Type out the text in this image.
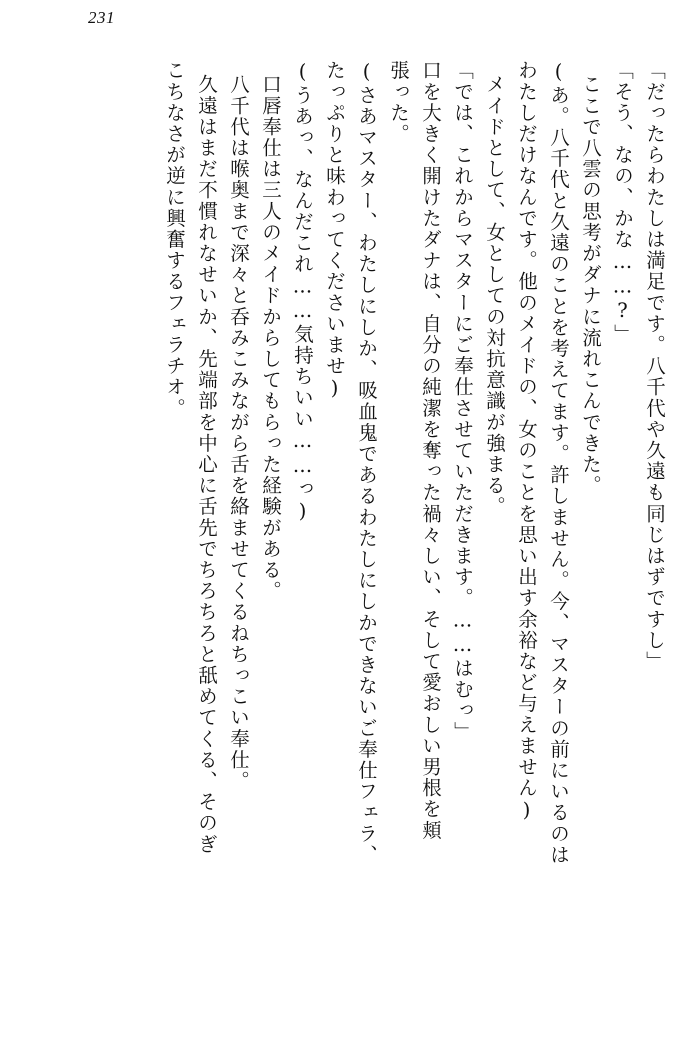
231
「だったらわたしは満足です。八千代や久遠も同じはずですし」
「そう、なの、かな……?」
ここで八雲の思考がダナに流れこんできた。
(あ。八千代と久遠のことを考えてます。許しません。今、マスターの前にいるのは
わたしだけなんです。他のメイドの、女のことを思い出す余裕など与えません)
メイドとして、女としての対抗意識が強まる。
「では、これからマスターにご奉仕させていただきます。……はむっ」
口を大きく開けたダナは、自分の純潔を奪った禍々しい、そして愛おしい男根を頬
張った。
(さあマスター、わたしにしか、吸血鬼であるわたしにしかできないご奉仕フェラ、
たっぷりと味わってくださいませ)
(うあっ、なんだこれ……気持ちいい……っ)
口唇奉仕は三人のメイドからしてもらった経験がある。
八千代は喉奥まで深々と呑みこみながら舌を絡ませてくるねちっこい奉仕。
久遠はまだ不慣れなせいか、先端部を中心に舌先でちろちろと舐めてくる、そのぎ
こちなさが逆に興奮するフェラチオ。
